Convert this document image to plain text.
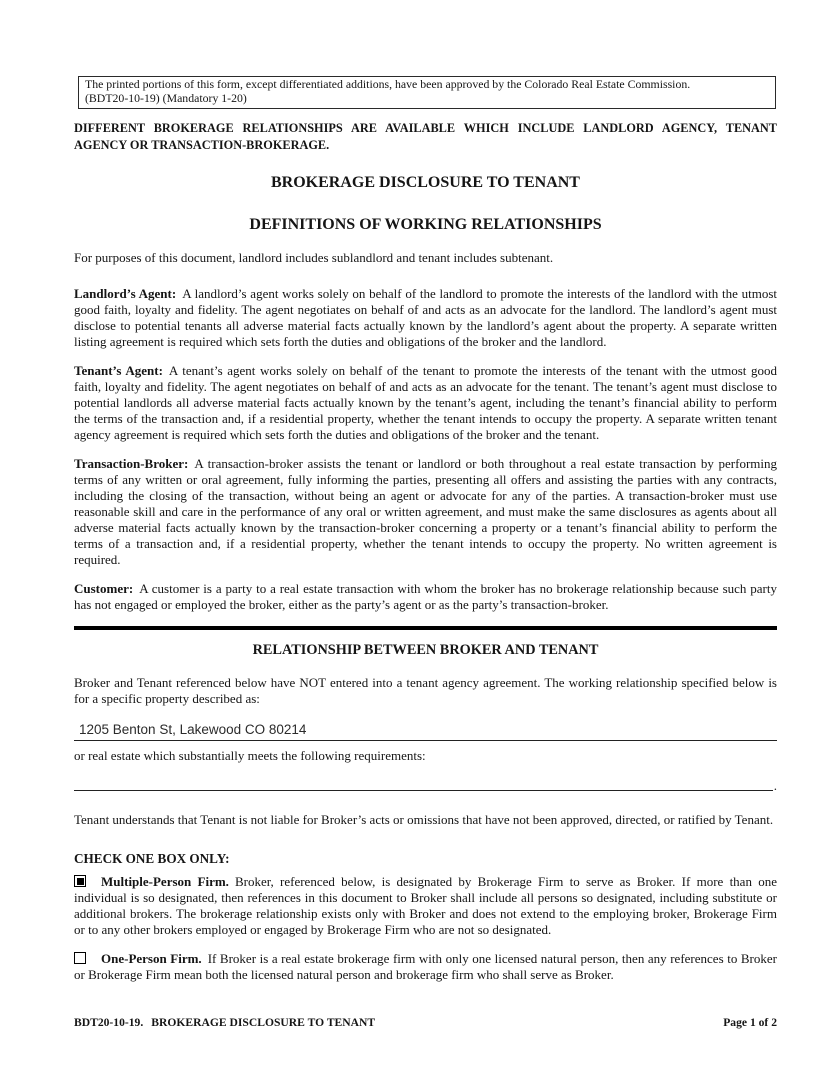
The printed portions of this form, except differentiated additions, have been approved by the Colorado Real Estate Commission.
(BDT20-10-19) (Mandatory 1-20)
DIFFERENT BROKERAGE RELATIONSHIPS ARE AVAILABLE WHICH INCLUDE LANDLORD AGENCY, TENANT AGENCY OR TRANSACTION-BROKERAGE.
BROKERAGE DISCLOSURE TO TENANT
DEFINITIONS OF WORKING RELATIONSHIPS
For purposes of this document, landlord includes sublandlord and tenant includes subtenant.

Landlord’s Agent: A landlord’s agent works solely on behalf of the landlord to promote the interests of the landlord with the utmost good faith, loyalty and fidelity. The agent negotiates on behalf of and acts as an advocate for the landlord. The landlord’s agent must disclose to potential tenants all adverse material facts actually known by the landlord’s agent about the property. A separate written listing agreement is required which sets forth the duties and obligations of the broker and the landlord.

Tenant’s Agent: A tenant’s agent works solely on behalf of the tenant to promote the interests of the tenant with the utmost good faith, loyalty and fidelity. The agent negotiates on behalf of and acts as an advocate for the tenant. The tenant’s agent must disclose to potential landlords all adverse material facts actually known by the tenant’s agent, including the tenant’s financial ability to perform the terms of the transaction and, if a residential property, whether the tenant intends to occupy the property. A separate written tenant agency agreement is required which sets forth the duties and obligations of the broker and the tenant.

Transaction-Broker: A transaction-broker assists the tenant or landlord or both throughout a real estate transaction by performing terms of any written or oral agreement, fully informing the parties, presenting all offers and assisting the parties with any contracts, including the closing of the transaction, without being an agent or advocate for any of the parties. A transaction-broker must use reasonable skill and care in the performance of any oral or written agreement, and must make the same disclosures as agents about all adverse material facts actually known by the transaction-broker concerning a property or a tenant’s financial ability to perform the terms of a transaction and, if a residential property, whether the tenant intends to occupy the property. No written agreement is required.

Customer: A customer is a party to a real estate transaction with whom the broker has no brokerage relationship because such party has not engaged or employed the broker, either as the party’s agent or as the party’s transaction-broker.

RELATIONSHIP BETWEEN BROKER AND TENANT

Broker and Tenant referenced below have NOT entered into a tenant agency agreement. The working relationship specified below is for a specific property described as:

1205 Benton St, Lakewood CO 80214

or real estate which substantially meets the following requirements:

.

Tenant understands that Tenant is not liable for Broker’s acts or omissions that have not been approved, directed, or ratified by Tenant.

CHECK ONE BOX ONLY:

Multiple-Person Firm. Broker, referenced below, is designated by Brokerage Firm to serve as Broker. If more than one individual is so designated, then references in this document to Broker shall include all persons so designated, including substitute or additional brokers. The brokerage relationship exists only with Broker and does not extend to the employing broker, Brokerage Firm or to any other brokers employed or engaged by Brokerage Firm who are not so designated.

One-Person Firm. If Broker is a real estate brokerage firm with only one licensed natural person, then any references to Broker or Brokerage Firm mean both the licensed natural person and brokerage firm who shall serve as Broker.

BDT20-10-19. BROKERAGE DISCLOSURE TO TENANT	Page 1 of 2
